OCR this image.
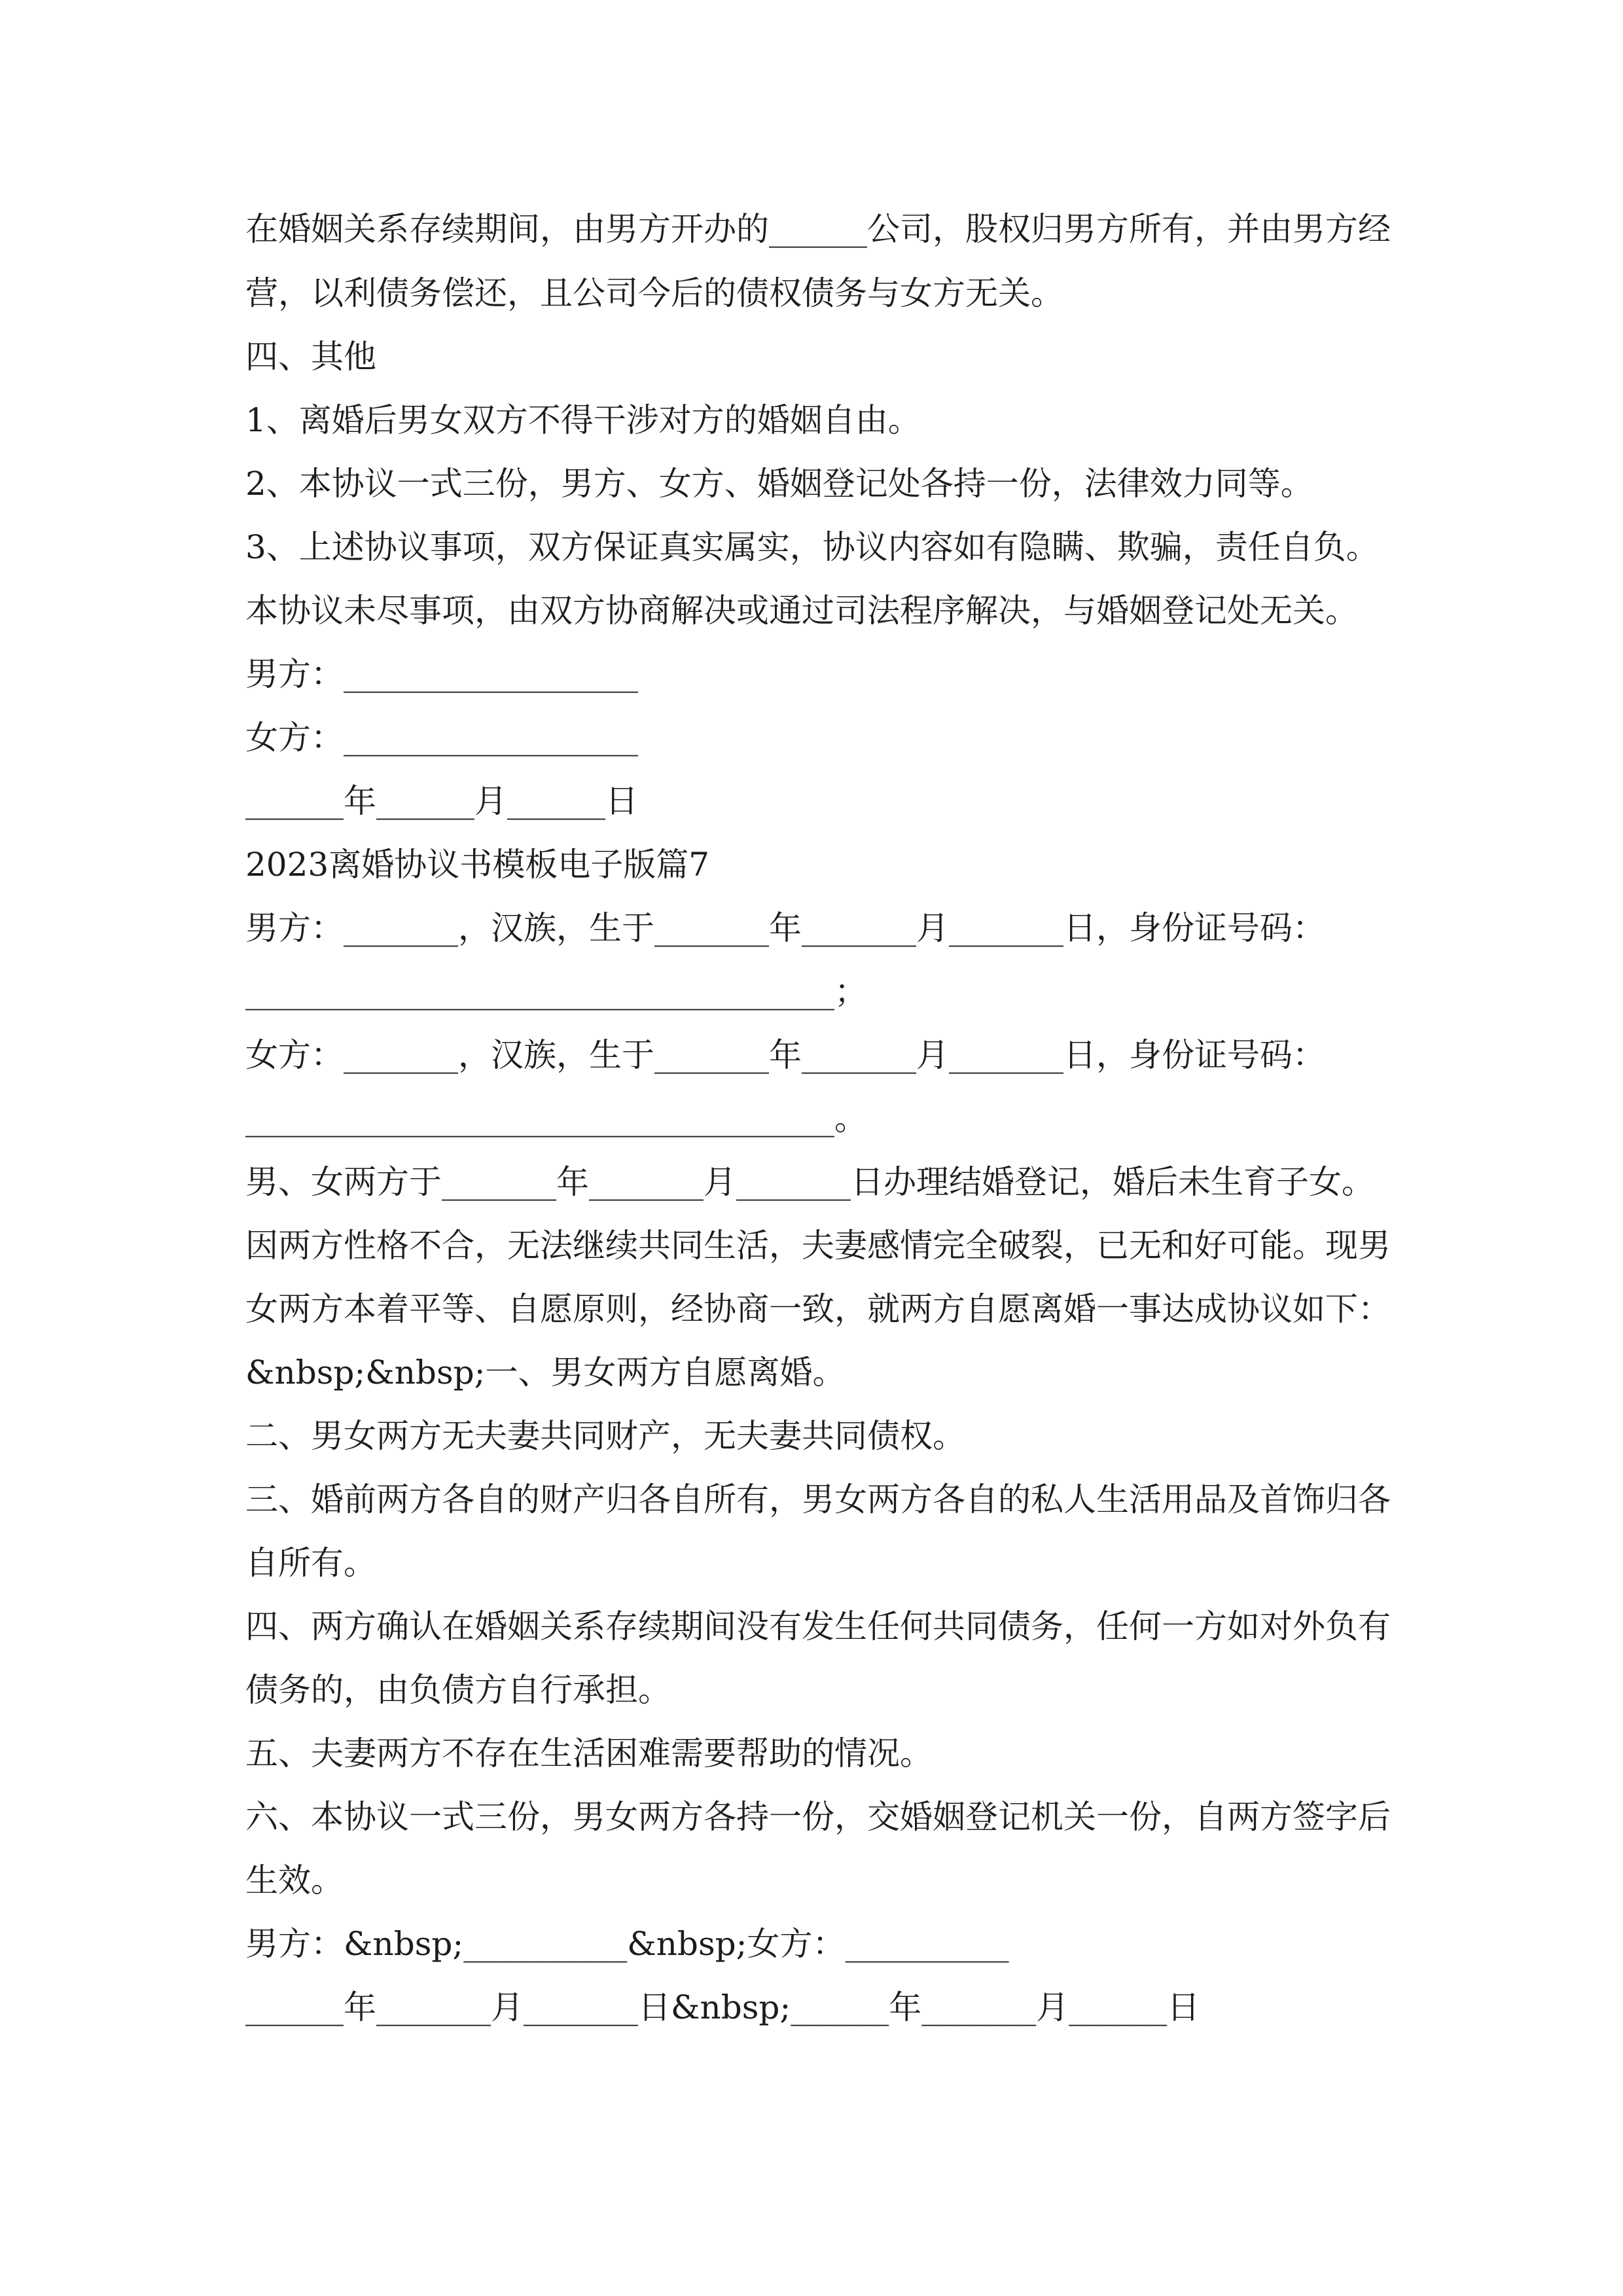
在婚姻关系存续期间，由男方开办的______公司，股权归男方所有，并由男方经

营，以利债务偿还，且公司今后的债权债务与女方无关。

四、其他

1、离婚后男女双方不得干涉对方的婚姻自由。

2、本协议一式三份，男方、女方、婚姻登记处各持一份，法律效力同等。

3、上述协议事项，双方保证真实属实，协议内容如有隐瞒、欺骗，责任自负。

本协议未尽事项，由双方协商解决或通过司法程序解决，与婚姻登记处无关。

男方：__________________

女方：__________________

______年______月______日

2023离婚协议书模板电子版篇7

男方：_______，汉族，生于_______年_______月_______日，身份证号码：

____________________________________；

女方：_______，汉族，生于_______年_______月_______日，身份证号码：

____________________________________。

男、女两方于_______年_______月_______日办理结婚登记，婚后未生育子女。

因两方性格不合，无法继续共同生活，夫妻感情完全破裂，已无和好可能。现男

女两方本着平等、自愿原则，经协商一致，就两方自愿离婚一事达成协议如下：

&nbsp;&nbsp;一、男女两方自愿离婚。

二、男女两方无夫妻共同财产，无夫妻共同债权。

三、婚前两方各自的财产归各自所有，男女两方各自的私人生活用品及首饰归各

自所有。

四、两方确认在婚姻关系存续期间没有发生任何共同债务，任何一方如对外负有

债务的，由负债方自行承担。

五、夫妻两方不存在生活困难需要帮助的情况。

六、本协议一式三份，男女两方各持一份，交婚姻登记机关一份，自两方签字后

生效。

男方：&nbsp;__________&nbsp;女方：__________

______年_______月_______日&nbsp;______年_______月______日
